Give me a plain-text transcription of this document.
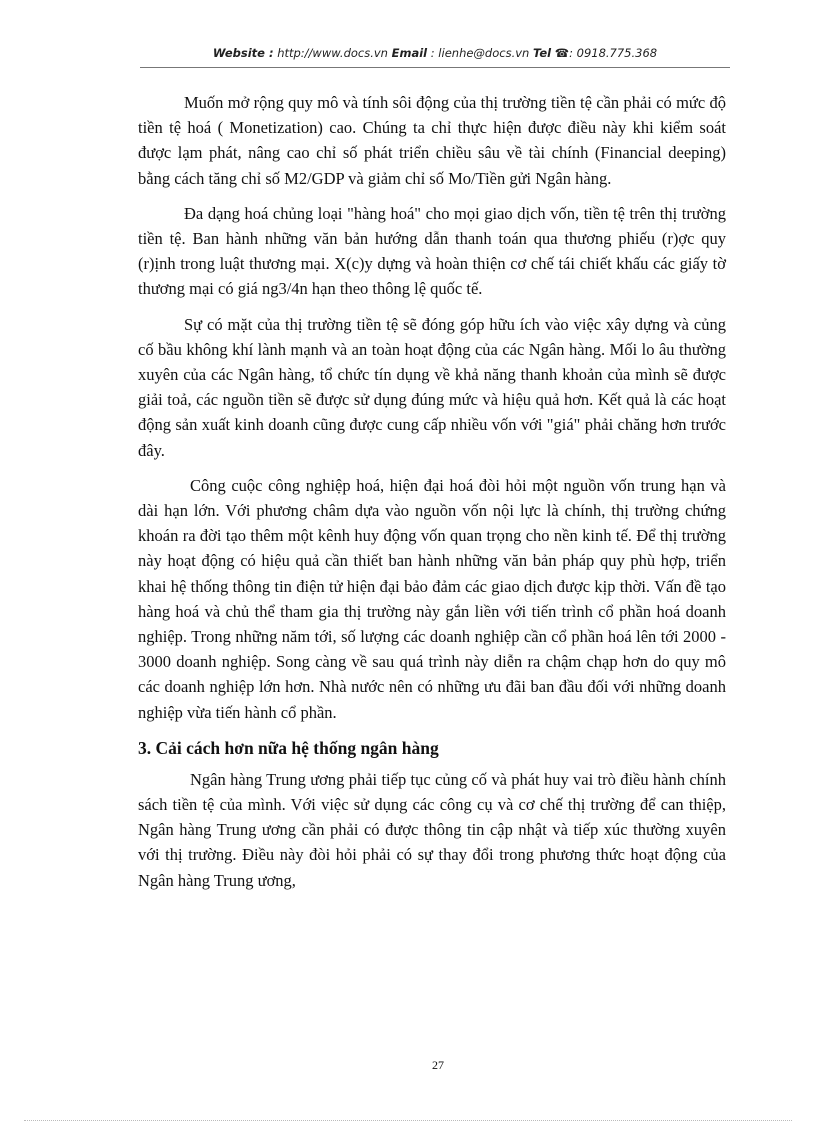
Website : http://www.docs.vn Email : lienhe@docs.vn Tel ☎: 0918.775.368

Muốn mở rộng quy mô và tính sôi động của thị trường tiền tệ cần phải có mức độ tiền tệ hoá ( Monetization) cao. Chúng ta chỉ thực hiện được điều này khi kiểm soát được lạm phát, nâng cao chỉ số phát triển chiều sâu về tài chính (Financial deeping) bằng cách tăng chỉ số M2/GDP và giảm chỉ số Mo/Tiền gửi Ngân hàng.

Đa dạng hoá chủng loại "hàng hoá" cho mọi giao dịch vốn, tiền tệ trên thị trường tiền tệ. Ban hành những văn bản hướng dẫn thanh toán qua thương phiếu (r)ợc quy (r)ịnh trong luật thương mại. X(c)y dựng và hoàn thiện cơ chế tái chiết khấu các giấy tờ thương mại có giá ng3/4n hạn theo thông lệ quốc tế.

Sự có mặt của thị trường tiền tệ sẽ đóng góp hữu ích vào việc xây dựng và củng cố bầu không khí lành mạnh và an toàn hoạt động của các Ngân hàng. Mối lo âu thường xuyên của các Ngân hàng, tổ chức tín dụng về khả năng thanh khoản của mình sẽ được giải toả, các nguồn tiền sẽ được sử dụng đúng mức và hiệu quả hơn. Kết quả là các hoạt động sản xuất kinh doanh cũng được cung cấp nhiều vốn với "giá" phải chăng hơn trước đây.

Công cuộc công nghiệp hoá, hiện đại hoá đòi hỏi một nguồn vốn trung hạn và dài hạn lớn. Với phương châm dựa vào nguồn vốn nội lực là chính, thị trường chứng khoán ra đời tạo thêm một kênh huy động vốn quan trọng cho nền kinh tế. Để thị trường này hoạt động có hiệu quả cần thiết ban hành những văn bản pháp quy phù hợp, triển khai hệ thống thông tin điện tử hiện đại bảo đảm các giao dịch được kịp thời. Vấn đề tạo hàng hoá và chủ thể tham gia thị trường này gắn liền với tiến trình cổ phần hoá doanh nghiệp. Trong những năm tới, số lượng các doanh nghiệp cần cổ phần hoá lên tới 2000 - 3000 doanh nghiệp. Song càng về sau quá trình này diễn ra chậm chạp hơn do quy mô các doanh nghiệp lớn hơn. Nhà nước nên có những ưu đãi ban đầu đối với những doanh nghiệp vừa tiến hành cổ phần.

3. Cải cách hơn nữa hệ thống ngân hàng

Ngân hàng Trung ương phải tiếp tục củng cố và phát huy vai trò điều hành chính sách tiền tệ của mình. Với việc sử dụng các công cụ và cơ chế thị trường để can thiệp, Ngân hàng Trung ương cần phải có được thông tin cập nhật và tiếp xúc thường xuyên với thị trường. Điều này đòi hỏi phải có sự thay đổi trong phương thức hoạt động của Ngân hàng Trung ương,

27
